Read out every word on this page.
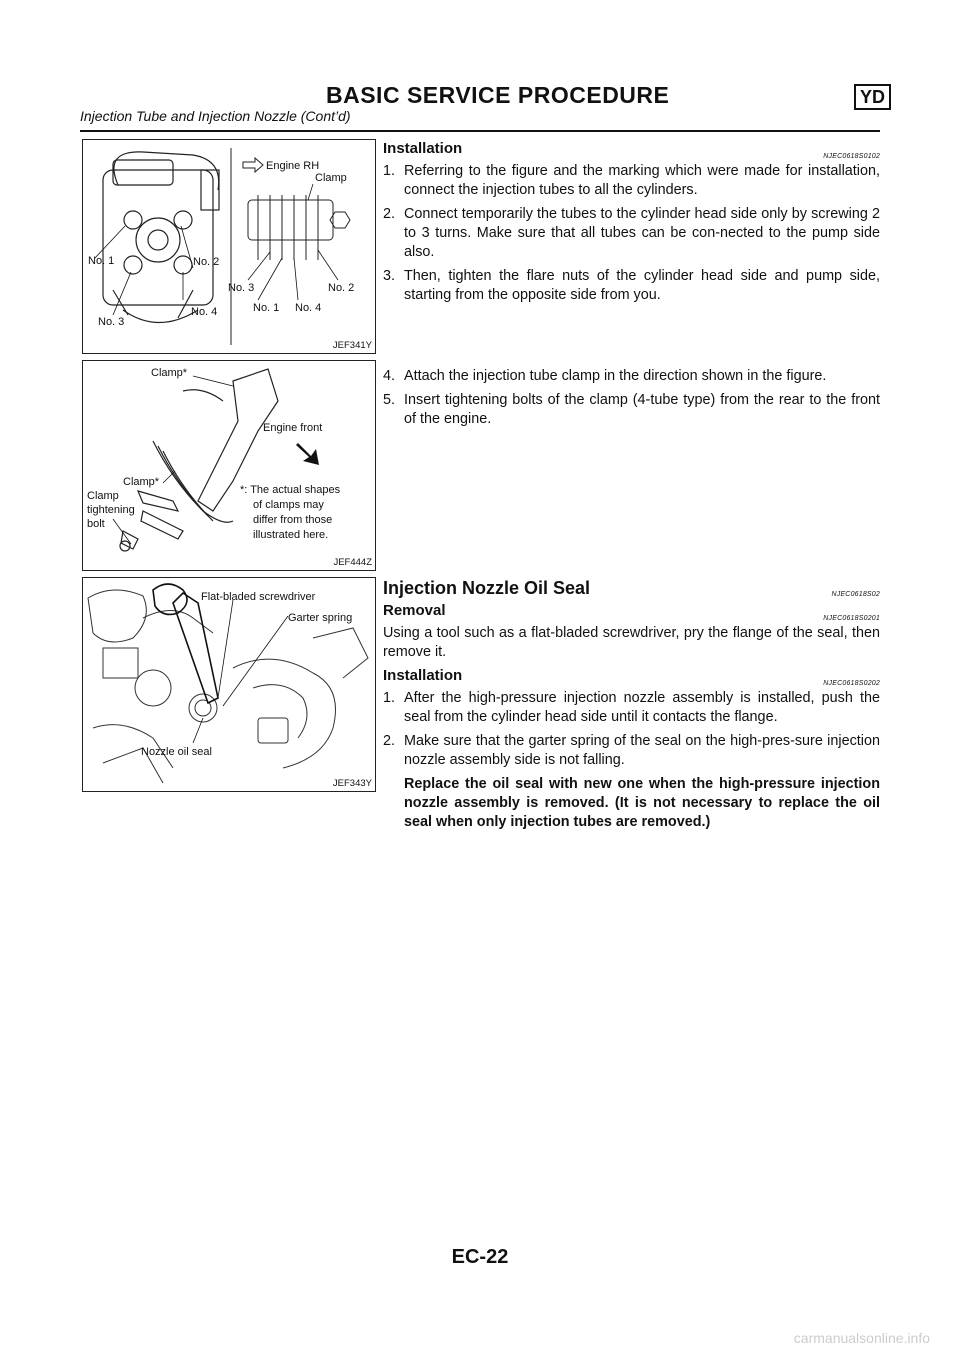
BASIC SERVICE PROCEDURE	YD
Injection Tube and Injection Nozzle (Cont’d)
No. 1	No. 2
No. 3
No. 4
Engine RH
Clamp
No. 3
No. 1 No. 4
No. 2
JEF341Y
Clamp*
Engine front
Clamp*
Clamp
tightening
bolt
*: The actual shapes
of clamps may
differ from those
illustrated here.
JEF444Z
Flat-bladed screwdriver
Garter spring
Nozzle oil seal
JEF343Y
Installation	NJEC0618S0102
1. Referring to the figure and the marking which were made for installation, connect the injection tubes to all the cylinders.
2. Connect temporarily the tubes to the cylinder head side only by screwing 2 to 3 turns. Make sure that all tubes can be con-nected to the pump side also.
3. Then, tighten the flare nuts of the cylinder head side and pump side, starting from the opposite side from you.
4. Attach the injection tube clamp in the direction shown in the figure.
5. Insert tightening bolts of the clamp (4-tube type) from the rear to the front of the engine.
Injection Nozzle Oil Seal	NJEC0618S02
Removal	NJEC0618S0201
Using a tool such as a flat-bladed screwdriver, pry the flange of the seal, then remove it.
Installation	NJEC0618S0202
1. After the high-pressure injection nozzle assembly is installed, push the seal from the cylinder head side until it contacts the flange.
2. Make sure that the garter spring of the seal on the high-pres-sure injection nozzle assembly side is not falling.
Replace the oil seal with new one when the high-pressure injection nozzle assembly is removed. (It is not necessary to replace the oil seal when only injection tubes are removed.)
EC-22
carmanualsonline.info
